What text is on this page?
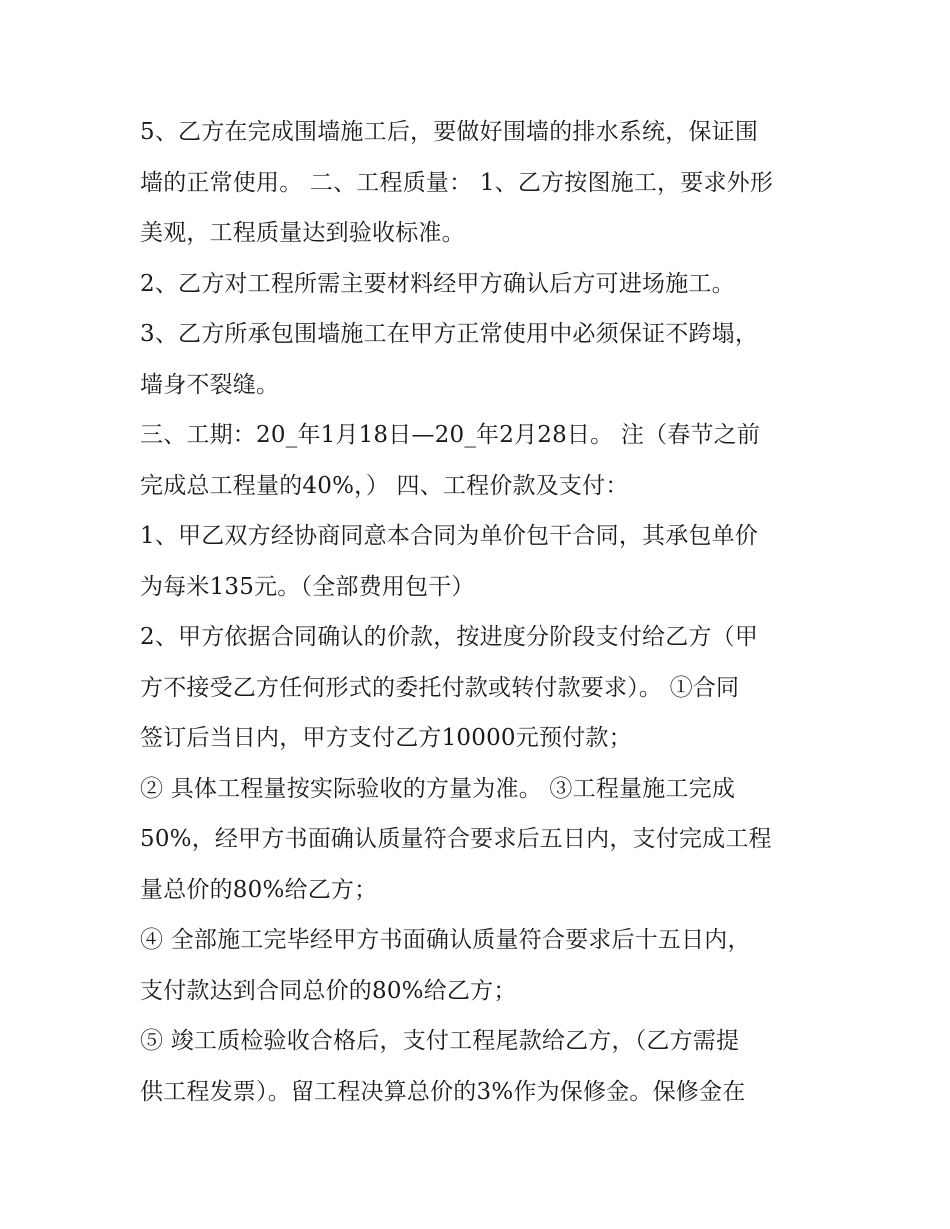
5、乙方在完成围墙施工后，要做好围墙的排水系统，保证围
墙的正常使用。 二、工程质量： 1、乙方按图施工，要求外形
美观，工程质量达到验收标准。
2、乙方对工程所需主要材料经甲方确认后方可进场施工。
3、乙方所承包围墙施工在甲方正常使用中必须保证不跨塌，
墙身不裂缝。
三、工期：20_年1月18日—20_年2月28日。 注（春节之前
完成总工程量的40%，） 四、工程价款及支付：
1、甲乙双方经协商同意本合同为单价包干合同，其承包单价
为每米135元。（全部费用包干）
2、甲方依据合同确认的价款，按进度分阶段支付给乙方（甲
方不接受乙方任何形式的委托付款或转付款要求）。 ①合同
签订后当日内，甲方支付乙方10000元预付款；
② 具体工程量按实际验收的方量为准。 ③工程量施工完成
50%，经甲方书面确认质量符合要求后五日内，支付完成工程
量总价的80%给乙方；
④ 全部施工完毕经甲方书面确认质量符合要求后十五日内，
支付款达到合同总价的80%给乙方；
⑤ 竣工质检验收合格后，支付工程尾款给乙方，（乙方需提
供工程发票）。留工程决算总价的3%作为保修金。保修金在
